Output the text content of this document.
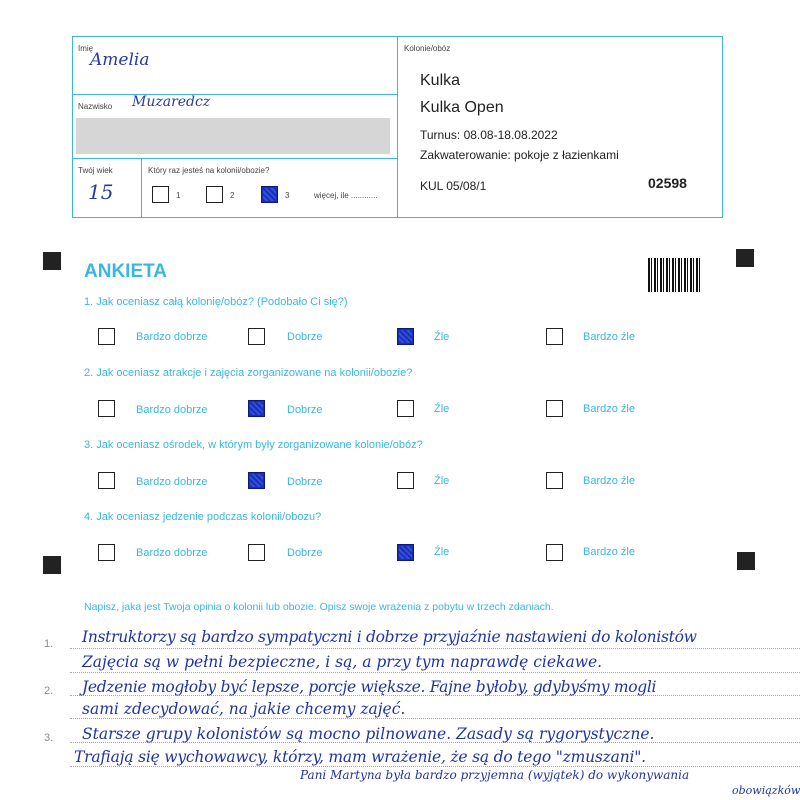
Imię
Amelia
Nazwisko Muzaredcz
Twój wiek
15
Który raz jesteś na kolonii/obozie?
1	2	3	więcej, ile ............
Kolonie/obóz
Kulka
Kulka Open
Turnus: 08.08-18.08.2022
Zakwaterowanie: pokoje z łazienkami
KUL 05/08/1	02598
ANKIETA
1. Jak oceniasz całą kolonię/obóz? (Podobało Ci się?)
Bardzo dobrze	Dobrze	Źle	Bardzo źle
2. Jak oceniasz atrakcje i zajęcia zorganizowane na kolonii/obozie?
Bardzo dobrze	Dobrze	Źle	Bardzo źle
3. Jak oceniasz ośrodek, w którym były zorganizowane kolonie/obóz?
Bardzo dobrze	Dobrze	Źle	Bardzo źle
4. Jak oceniasz jedzenie podczas kolonii/obozu?
Bardzo dobrze	Dobrze	Źle	Bardzo źle
Napisz, jaka jest Twoja opinia o kolonii lub obozie. Opisz swoje wrażenia z pobytu w trzech zdaniach.
1.
2.
3.
Instruktorzy są bardzo sympatyczni i dobrze przyjaźnie nastawieni do kolonistów
Zajęcia są w pełni bezpieczne, i są, a przy tym naprawdę ciekawe.
Jedzenie mogłoby być lepsze, porcje większe. Fajne byłoby, gdybyśmy mogli
sami zdecydować, na jakie chcemy zajęć.
Starsze grupy kolonistów są mocno pilnowane. Zasady są rygorystyczne.
Trafiają się wychowawcy, którzy, mam wrażenie, że są do tego "zmuszani".
Pani Martyna była bardzo przyjemna (wyjątek) do wykonywania
obowiązków
